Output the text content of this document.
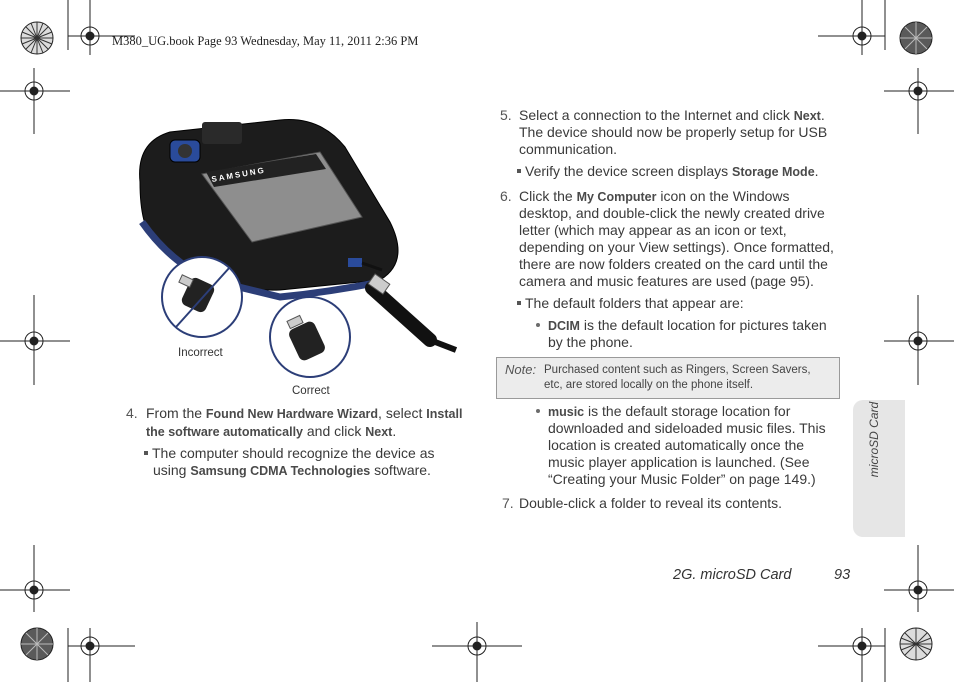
M380_UG.book Page 93 Wednesday, May 11, 2011 2:36 PM
SAMSUNG
Incorrect
Correct
4. From the Found New Hardware Wizard, select Install
the software automatically and click Next.
The computer should recognize the device as
using Samsung CDMA Technologies software.
5. Select a connection to the Internet and click Next.
The device should now be properly setup for USB
communication.
Verify the device screen displays Storage Mode.
6. Click the My Computer icon on the Windows
desktop, and double-click the newly created drive
letter (which may appear as an icon or text,
depending on your View settings). Once formatted,
there are now folders created on the card until the
camera and music features are used (page 95).
The default folders that appear are:
DCIM is the default location for pictures taken
by the phone.
Note: Purchased content such as Ringers, Screen Savers,
etc, are stored locally on the phone itself.
music is the default storage location for
downloaded and sideloaded music files. This
location is created automatically once the
music player application is launched. (See
“Creating your Music Folder” on page 149.)
7. Double-click a folder to reveal its contents.
microSD Card
2G. microSD Card	93
